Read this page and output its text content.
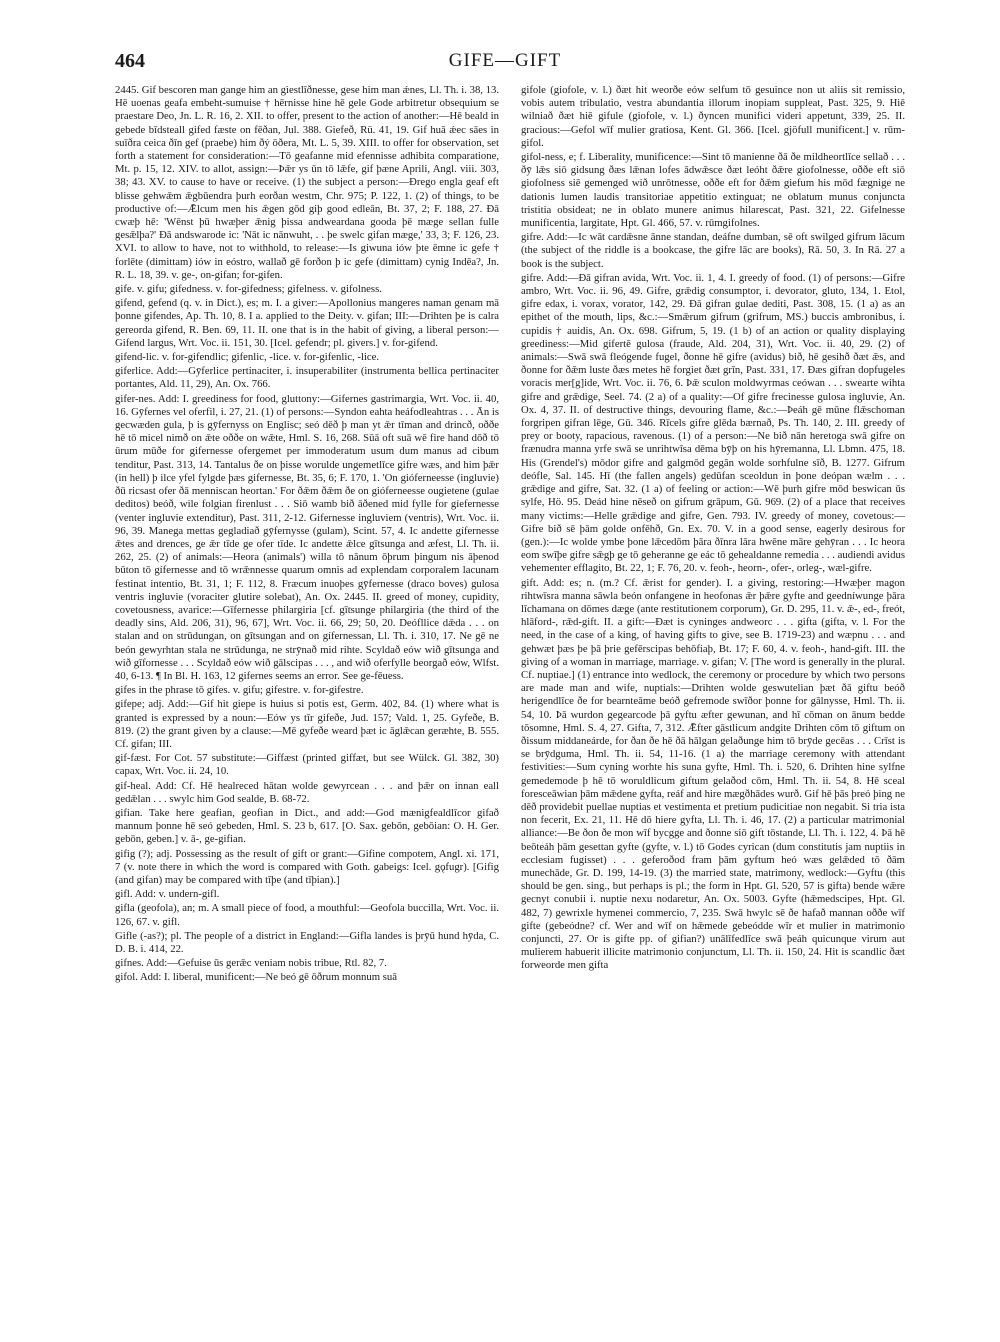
464	GIFE—GIFT

2445. Gif bescoren man gange him an gìestlīðnesse, gese him man ǽnes, Ll. Th. i. 38, 13. Hē uoenas geafa embeht-sumuise † hērnisse hine hē gele Gode arbitretur obsequium se praestare Deo, Jn. L. R. 16, 2. XII. to offer, present to the action of another:—Hē beald in gebede bīdsteall gifed fæste on fēðan, Jul. 388. Giefeð, Rü. 41, 19. Gif huā ǽec sāes in suīðra ceica ðīn gef (praebe) him ðý ōðera, Mt. L. 5, 39. XIII. to offer for observation, set forth a statement for consideration:—Tō geafanne mid efennisse adhibita comparatione, Mt. p. 15, 12. XIV. to allot, assign:—Þǣr ys ūn tō lǣfe, gif þæne Aprili, Angl. viii. 303, 38; 43. XV. to cause to have or receive. (1) the subject a person:—Ðrego engla geaf eft blisse gehwǣm ǣgbūendra þurh eorðan westm, Chr. 975; P. 122, 1. (2) of things, to be productive of:—Ǣlcum men his ǣgen gōd giþ good edleān, Bt. 37, 2; F. 188, 27. Ðā cwæþ hē: 'Wēnst þū hwæþer ǣnig þissa andweardana gooda þē mæge sellan fulle gesǣlþa?' Ðā andswarode ic: 'Nāt ic nānwuht, . . þe swelc gifan mæge,' 33, 3; F. 126, 23. XVI. to allow to have, not to withhold, to release:—Is giwuna iów þte ēmne ic gefe † forlēte (dimittam) iów in eóstro, wallað gē forðon þ ic gefe (dimittam) cynig Indēa?, Jn. R. L. 18, 39. v. ge-, on-gifan; for-gifen.

gife. v. gifu; gifedness. v. for-gifedness; gifelness. v. gifolness.

gifend, gefend (q. v. in Dict.), es; m. I. a giver:—Apollonius mangeres naman genam mā þonne gifendes, Ap. Th. 10, 8. I a. applied to the Deity. v. gifan; III:—Drihten þe is calra gereorda gifend, R. Ben. 69, 11. II. one that is in the habit of giving, a liberal person:—Gifend largus, Wrt. Voc. ii. 151, 30. [Icel. gefendr; pl. givers.] v. for-gifend.

gifend-lic. v. for-gifendlic; gifenlic, -lice. v. for-gifenlic, -lice.

giferlice. Add:—Gȳferlice pertinaciter, i. insuperabiliter (instrumenta bellica pertinaciter portantes, Ald. 11, 29), An. Ox. 766.

gifer-nes. Add: I. greediness for food, gluttony:—Gifernes gastrimargia, Wrt. Voc. ii. 40, 16. Gȳfernes vel oferfil, i. 27, 21. (1) of persons:—Syndon eahta heáfodleahtras . . . Ān is gecwæden gula, þ is gȳfernyss on Englisc; seó dēð þ man yt ǣr tīman and drincð, oððe hē tō micel nimð on ǣte oððe on wǣte, Hml. S. 16, 268. Sūā oft suā wē fire hand dōð tō ūrum mūðe for gifernesse ofergemet per immoderatum usum dum manus ad cibum tenditur, Past. 313, 14. Tantalus ðe on þisse worulde ungemetlīce gifre wæs, and him þǣr (in hell) þ ilce yfel fylgde þæs gifernesse, Bt. 35, 6; F. 170, 1. 'On gióferneesse (ingluvie) ðū ricsast ofer ðā menniscan heortan.' For ðǣm ðǣm ðe on gióferneesse ougietene (gulae deditos) beóð, wile folgian firenlust . . . Siō wamb bið āðened mid fylle for gíefernesse (venter ingluvie extenditur), Past. 311, 2-12. Gifernesse ingluviem (ventris), Wrt. Voc. ii. 96, 39. Manega mettas gegladiað gȳfernysse (gulam), Scint. 57, 4. Ic andette gífernesse ǣtes and drences, ge ǣr tīde ge ofer tīde. Ic andette ǣlce gītsunga and æfest, Ll. Th. ii. 262, 25. (2) of animals:—Heora (animals') willa tō nānum ōþrum þingum nis āþenod būton tō gífernesse and tō wrǣnnesse quarum omnis ad explendam corporalem lacunam festinat intentio, Bt. 31, 1; F. 112, 8. Fræcum inuoþes gȳfernesse (draco boves) gulosa ventris ingluvie (voraciter glutire solebat), An. Ox. 2445. II. greed of money, cupidity, covetousness, avarice:—Gīfernesse philargiria [cf. gītsunge philargiria (the third of the deadly sins, Ald. 206, 31), 96, 67], Wrt. Voc. ii. 66, 29; 50, 20. Deófllice dǣda . . . on stalan and on strūdungan, on gītsungan and on gífernessan, Ll. Th. i. 310, 17. Ne gē ne beón gewyrhtan stala ne strūdunga, ne strȳnað mid rihte. Scyldað eów wið gītsunga and wið gīfornesse . . . Scyldað eów wið gālscipas . . . , and wið oferfylle beorgað eów, Wlfst. 40, 6-13. ¶ In Bl. H. 163, 12 gifernes seems an error. See ge-fēuess.

gifes in the phrase tō gifes. v. gifu; gifestre. v. for-gifestre.

gifepe; adj. Add:—Gif hit giepe is huius si potis est, Germ. 402, 84. (1) where what is granted is expressed by a noun:—Eów ys tīr gifeðe, Jud. 157; Vald. 1, 25. Gyfeðe, B. 819. (2) the grant given by a clause:—Mē gyfeðe weard þæt ic āglǣcan geræhte, B. 555. Cf. gifan; III.

gif-fæst. For Cot. 57 substitute:—Giffæst (printed giffæt, but see Wülck. Gl. 382, 30) capax, Wrt. Voc. ii. 24, 10.

gif-heal. Add: Cf. Hē healreced hātan wolde gewyrcean . . . and þǣr on innan eall gedǣlan . . . swylc him God sealde, B. 68-72.

gifian. Take here geafian, geofian in Dict., and add:—God mænigfealdlīcor gifað mannum þonne hē seó gebeden, Hml. S. 23 b, 617. [O. Sax. gebōn, gebōian: O. H. Ger. gebōn, geben.] v. ā-, ge-gifian.

gifig (?); adj. Possessing as the result of gift or grant:—Gifine compotem, Angl. xi. 171, 7 (v. note there in which the word is compared with Goth. gabeigs: Icel. gǫfugr). [Gifig (and gifan) may be compared with tīþe (and tīþian).]

gifl. Add: v. undern-gifl.

gifla (geofola), an; m. A small piece of food, a mouthful:—Geofola buccilla, Wrt. Voc. ii. 126, 67. v. gifl.

Gifle (-as?); pl. The people of a district in England:—Gifla landes is þrȳū hund hȳda, C. D. B. i. 414, 22.

gifnes. Add:—Gefuise ūs gerǣc veniam nobis tribue, Rtl. 82, 7.

gifol. Add: I. liberal, munificent:—Ne beó gē ōðrum monnum suā

gifole (giofole, v. l.) ðæt hit weorðe eów selfum tō gesuince non ut aliis sit remissio, vobis autem tribulatio, vestra abundantia illorum inopiam suppleat, Past. 325, 9. Hiē wilniað ðæt hiē gifule (giofole, v. l.) ðyncen munifici videri appetunt, 339, 25. II. gracious:—Gefol wīf mulier gratiosa, Kent. Gl. 366. [Icel. gjöfull munificent.] v. rūm-gifol.

gifol-ness, e; f. Liberality, munificence:—Sint tō manienne ðā ðe mildheortlīce sellað . . . ðȳ lǣs siō gidsung ðæs lǣnan lofes ādwǣsce ðæt leóht ðǣre giofolnesse, oððe eft siō giofolness siē gemenged wið unrōtnesse, oððe eft for ðǣm giefum his mōd fægnige ne dationis lumen laudis transitoriae appetitio extinguat; ne oblatum munus conjuncta tristitia obsideat; ne in oblato munere animus hilarescat, Past. 321, 22. Gifelnesse munificentia, largitate, Hpt. Gl. 466, 57. v. rūmgifolnes.

gifre. Add:—Ic wāt cardǣsne ānne standan, deáfne dumban, sē oft swilged gifrum lācum (the subject of the riddle is a bookcase, the gifre lāc are books), Rā. 50, 3. In Rā. 27 a book is the subject.

gifre. Add:—Ðā gifran avida, Wrt. Voc. ii. 1, 4. I. greedy of food. (1) of persons:—Gifre ambro, Wrt. Voc. ii. 96, 49. Gifre, grǣdig consumptor, i. devorator, gluto, 134, 1. Etol, gifre edax, i. vorax, vorator, 142, 29. Ðā gifran gulae dediti, Past. 308, 15. (1 a) as an epithet of the mouth, lips, &c.:—Smǣrum gifrum (grifrum, MS.) buccis ambronibus, i. cupidis † auidis, An. Ox. 698. Gifrum, 5, 19. (1 b) of an action or quality displaying greediness:—Mid gifertē gulosa (fraude, Ald. 204, 31), Wrt. Voc. ii. 40, 29. (2) of animals:—Swā swā fleógende fugel, ðonne hē gifre (avidus) bið, hē gesihð ðæt ǣs, and ðonne for ðǣm luste ðæs metes hē forgiet ðæt grīn, Past. 331, 17. Ðæs gifran dopfugeles voracis mer[g]ide, Wrt. Voc. ii. 76, 6. Þǣ sculon moldwyrmas ceówan . . . swearte wihta gifre and grǣdige, Seel. 74. (2 a) of a quality:—Of gifre frecinesse gulosa ingluvie, An. Ox. 4, 37. II. of destructive things, devouring flame, &c.:—Þeáh gē mūne flǣschoman forgripen gifran lēge, Gū. 346. Rīcels gifre glēda bærnað, Ps. Th. 140, 2. III. greedy of prey or booty, rapacious, ravenous. (1) of a person:—Ne bið nān heretoga swā gifre on frænudra manna yrfe swā se unrihtwīsa dēma bȳþ on his hȳremanna, Ll. Lbmn. 475, 18. His (Grendel's) mōdor gifre and galgmōd gegān wolde sorhfulne sīð, B. 1277. Gifrum deófle, Sal. 145. Hī (the fallen angels) gedūfan sceoldun in þone deópan wælm . . . grǣdige and gifre, Sat. 32. (1 a) of feeling or action:—Wē þurh gifre mōd beswican ūs sylfe, Hö. 95. Deád hine nēseð on gifrum grāpum, Gū. 969. (2) of a place that receives many victims:—Helle grǣdige and gifre, Gen. 793. IV. greedy of money, covetous:—Gifre bið sē þām golde onfēhð, Gn. Ex. 70. V. in a good sense, eagerly desirous for (gen.):—Ic wolde ymbe þone lǣcedōm þāra ðīnra lāra hwēne māre gehȳran . . . Ic heora eom swīþe gifre sǣgþ ge tō geheranne ge eác tō gehealdanne remedia . . . audiendi avidus vehementer efflagito, Bt. 22, 1; F. 76, 20. v. feoh-, heorn-, ofer-, orleg-, wæl-gifre.

gift. Add: es; n. (m.? Cf. ǣrist for gender). I. a giving, restoring:—Hwæþer magon rihtwīsra manna sāwla beón onfangene in heofonas ǣr þǣre gyfte and geedníwunge þāra līchamana on dōmes dæge (ante restitutionem corporum), Gr. D. 295, 11. v. ǣ-, ed-, freót, hlāford-, rǣd-gift. II. a gift:—Ðæt is cyninges andweorc . . . gifta (gifta, v. l. For the need, in the case of a king, of having gifts to give, see B. 1719-23) and wæpnu . . . and gehwæt þæs þe þā þrie gefērscipas behōfiaþ, Bt. 17; F. 60, 4. v. feoh-, hand-gift. III. the giving of a woman in marriage, marriage. v. gifan; V. [The word is generally in the plural. Cf. nuptiae.] (1) entrance into wedlock, the ceremony or procedure by which two persons are made man and wife, nuptials:—Drihten wolde geswutelian þæt ðā giftu beóð herigendlīce ðe for bearnteāme beóð gefremode swīðor þonne for gālnysse, Hml. Th. ii. 54, 10. Þā wurdon gegearcode þā gyftu æfter gewunan, and hī cōman on ānum bedde tōsomne, Hml. S. 4, 27. Gifta, 7, 312. Ǣfter gāstlicum andgite Drihten cōm tō giftum on ðissum middaneárde, for ðan ðe hē ðā hālgan gelaðunge him tō brȳde gecēas . . . Crīst is se brȳdguma, Hml. Th. ii. 54, 11-16. (1 a) the marriage ceremony with attendant festivities:—Sum cyning worhte his suna gyfte, Hml. Th. i. 520, 6. Drihten hine sylfne gemedemode þ hē tō woruldlicum giftum gelaðod cōm, Hml. Th. ii. 54, 8. Hē sceal foresceāwian þām mǣdene gyfta, reáf and hire mægðhādes wurð. Gif hē þās þreó þing ne dēð providebit puellae nuptias et vestimenta et pretium pudicitiae non negabit. Si tria ista non fecerit, Ex. 21, 11. Hē dō hiere gyfta, Ll. Th. i. 46, 17. (2) a particular matrimonial alliance:—Be ðon ðe mon wīf bycgge and ðonne siō gift tōstande, Ll. Th. i. 122, 4. Þā hē beōteáh þām gesettan gyfte (gyfte, v. l.) tō Godes cyrican (dum constitutis jam nuptiis in ecclesiam fugisset) . . . geferoðod fram þām gyftum heó wæs gelǣded tō ðām munechāde, Gr. D. 199, 14-19. (3) the married state, matrimony, wedlock:—Gyftu (this should be gen. sing., but perhaps is pl.; the form in Hpt. Gl. 520, 57 is gifta) bende wǣre gecnyt conubii i. nuptie nexu nodaretur, An. Ox. 5003. Gyfte (hǣmedscipes, Hpt. Gl. 482, 7) gewrixle hymenei commercio, 7, 235. Swā hwylc sē ðe hafað mannan oððe wīf gifte (gebeódne? cf. Wer and wīf on hǣmede gebeódde wīr et mulier in matrimonio conjuncti, 27. Or is gifte pp. of gifian?) unālīfedlīce swā þeáh quicunque virum aut mulierem habuerit illicite matrimonio conjunctum, Ll. Th. ii. 150, 24. Hit is scandlic ðæt forweorde men gifta
